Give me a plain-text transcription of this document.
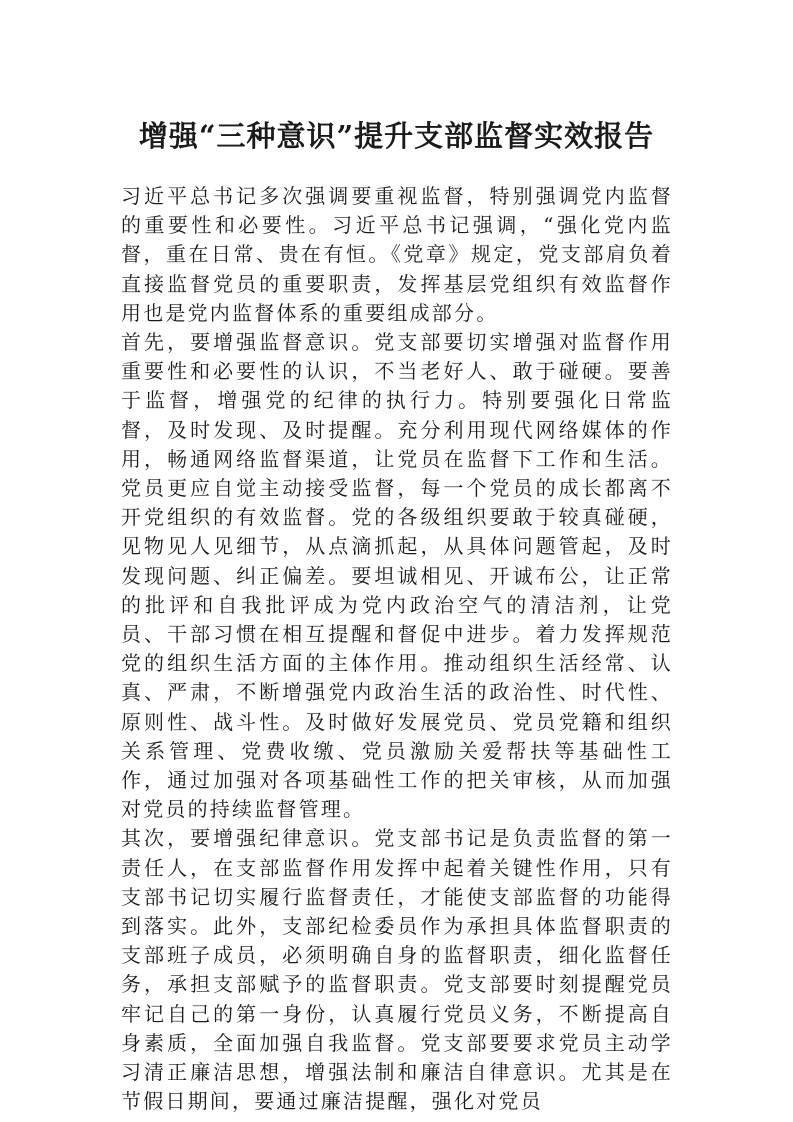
增强“三种意识”提升支部监督实效报告

习近平总书记多次强调要重视监督，特别强调党内监督的重要性和必要性。习近平总书记强调，“强化党内监督，重在日常、贵在有恒。《党章》规定，党支部肩负着直接监督党员的重要职责，发挥基层党组织有效监督作用也是党内监督体系的重要组成部分。

首先，要增强监督意识。党支部要切实增强对监督作用重要性和必要性的认识，不当老好人、敢于碰硬。要善于监督，增强党的纪律的执行力。特别要强化日常监督，及时发现、及时提醒。充分利用现代网络媒体的作用，畅通网络监督渠道，让党员在监督下工作和生活。党员更应自觉主动接受监督，每一个党员的成长都离不开党组织的有效监督。党的各级组织要敢于较真碰硬，见物见人见细节，从点滴抓起，从具体问题管起，及时发现问题、纠正偏差。要坦诚相见、开诚布公，让正常的批评和自我批评成为党内政治空气的清洁剂，让党员、干部习惯在相互提醒和督促中进步。着力发挥规范党的组织生活方面的主体作用。推动组织生活经常、认真、严肃，不断增强党内政治生活的政治性、时代性、原则性、战斗性。及时做好发展党员、党员党籍和组织关系管理、党费收缴、党员激励关爱帮扶等基础性工作，通过加强对各项基础性工作的把关审核，从而加强对党员的持续监督管理。

其次，要增强纪律意识。党支部书记是负责监督的第一责任人，在支部监督作用发挥中起着关键性作用，只有支部书记切实履行监督责任，才能使支部监督的功能得到落实。此外，支部纪检委员作为承担具体监督职责的支部班子成员，必须明确自身的监督职责，细化监督任务，承担支部赋予的监督职责。党支部要时刻提醒党员牢记自己的第一身份，认真履行党员义务，不断提高自身素质，全面加强自我监督。党支部要要求党员主动学习清正廉洁思想，增强法制和廉洁自律意识。尤其是在节假日期间，要通过廉洁提醒，强化对党员
